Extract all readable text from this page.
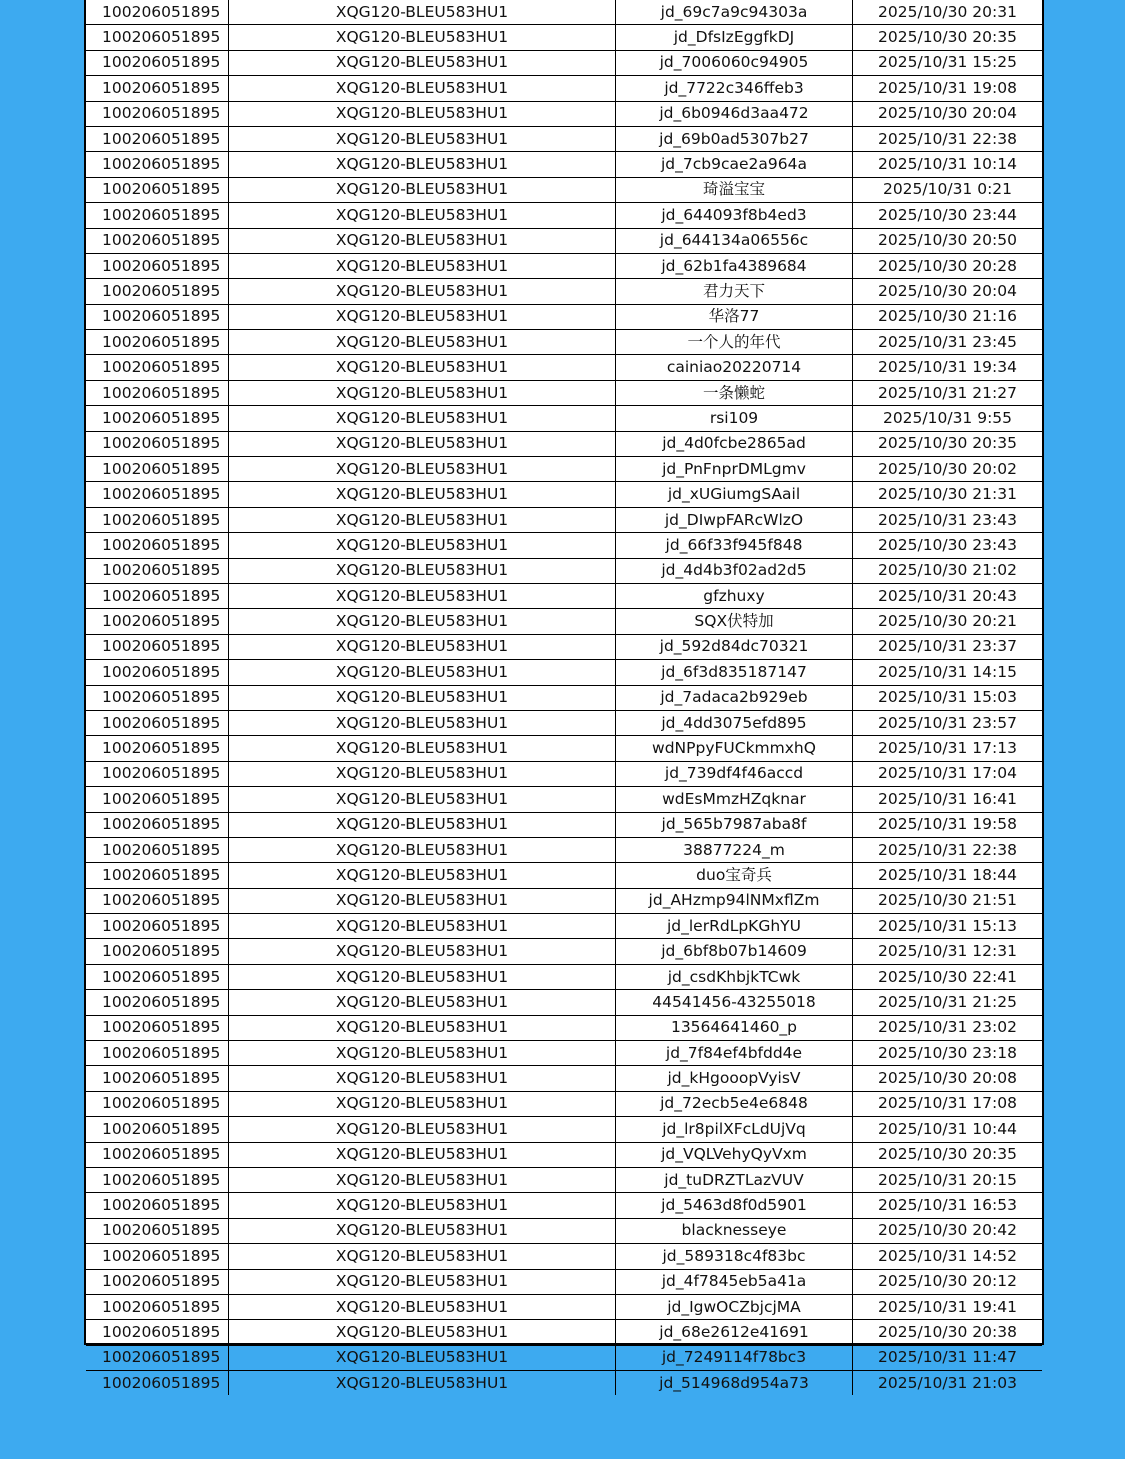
100206051895	XQG120-BLEU583HU1	jd_69c7a9c94303a	2025/10/30 20:31
100206051895	XQG120-BLEU583HU1	jd_DfsIzEggfkDJ	2025/10/30 20:35
100206051895	XQG120-BLEU583HU1	jd_7006060c94905	2025/10/31 15:25
100206051895	XQG120-BLEU583HU1	jd_7722c346ffeb3	2025/10/31 19:08
100206051895	XQG120-BLEU583HU1	jd_6b0946d3aa472	2025/10/30 20:04
100206051895	XQG120-BLEU583HU1	jd_69b0ad5307b27	2025/10/31 22:38
100206051895	XQG120-BLEU583HU1	jd_7cb9cae2a964a	2025/10/31 10:14
100206051895	XQG120-BLEU583HU1	琦溢宝宝	2025/10/31 0:21
100206051895	XQG120-BLEU583HU1	jd_644093f8b4ed3	2025/10/30 23:44
100206051895	XQG120-BLEU583HU1	jd_644134a06556c	2025/10/30 20:50
100206051895	XQG120-BLEU583HU1	jd_62b1fa4389684	2025/10/30 20:28
100206051895	XQG120-BLEU583HU1	君力天下	2025/10/30 20:04
100206051895	XQG120-BLEU583HU1	华洛77	2025/10/30 21:16
100206051895	XQG120-BLEU583HU1	一个人的年代	2025/10/31 23:45
100206051895	XQG120-BLEU583HU1	cainiao20220714	2025/10/31 19:34
100206051895	XQG120-BLEU583HU1	一条懒蛇	2025/10/31 21:27
100206051895	XQG120-BLEU583HU1	rsi109	2025/10/31 9:55
100206051895	XQG120-BLEU583HU1	jd_4d0fcbe2865ad	2025/10/30 20:35
100206051895	XQG120-BLEU583HU1	jd_PnFnprDMLgmv	2025/10/30 20:02
100206051895	XQG120-BLEU583HU1	jd_xUGiumgSAail	2025/10/30 21:31
100206051895	XQG120-BLEU583HU1	jd_DIwpFARcWlzO	2025/10/31 23:43
100206051895	XQG120-BLEU583HU1	jd_66f33f945f848	2025/10/30 23:43
100206051895	XQG120-BLEU583HU1	jd_4d4b3f02ad2d5	2025/10/30 21:02
100206051895	XQG120-BLEU583HU1	gfzhuxy	2025/10/31 20:43
100206051895	XQG120-BLEU583HU1	SQX伏特加	2025/10/30 20:21
100206051895	XQG120-BLEU583HU1	jd_592d84dc70321	2025/10/31 23:37
100206051895	XQG120-BLEU583HU1	jd_6f3d835187147	2025/10/31 14:15
100206051895	XQG120-BLEU583HU1	jd_7adaca2b929eb	2025/10/31 15:03
100206051895	XQG120-BLEU583HU1	jd_4dd3075efd895	2025/10/31 23:57
100206051895	XQG120-BLEU583HU1	wdNPpyFUCkmmxhQ	2025/10/31 17:13
100206051895	XQG120-BLEU583HU1	jd_739df4f46accd	2025/10/31 17:04
100206051895	XQG120-BLEU583HU1	wdEsMmzHZqknar	2025/10/31 16:41
100206051895	XQG120-BLEU583HU1	jd_565b7987aba8f	2025/10/31 19:58
100206051895	XQG120-BLEU583HU1	38877224_m	2025/10/31 22:38
100206051895	XQG120-BLEU583HU1	duo宝奇兵	2025/10/31 18:44
100206051895	XQG120-BLEU583HU1	jd_AHzmp94lNMxflZm	2025/10/30 21:51
100206051895	XQG120-BLEU583HU1	jd_lerRdLpKGhYU	2025/10/31 15:13
100206051895	XQG120-BLEU583HU1	jd_6bf8b07b14609	2025/10/31 12:31
100206051895	XQG120-BLEU583HU1	jd_csdKhbjkTCwk	2025/10/30 22:41
100206051895	XQG120-BLEU583HU1	44541456-43255018	2025/10/31 21:25
100206051895	XQG120-BLEU583HU1	13564641460_p	2025/10/31 23:02
100206051895	XQG120-BLEU583HU1	jd_7f84ef4bfdd4e	2025/10/30 23:18
100206051895	XQG120-BLEU583HU1	jd_kHgooopVyisV	2025/10/30 20:08
100206051895	XQG120-BLEU583HU1	jd_72ecb5e4e6848	2025/10/31 17:08
100206051895	XQG120-BLEU583HU1	jd_lr8pilXFcLdUjVq	2025/10/31 10:44
100206051895	XQG120-BLEU583HU1	jd_VQLVehyQyVxm	2025/10/30 20:35
100206051895	XQG120-BLEU583HU1	jd_tuDRZTLazVUV	2025/10/31 20:15
100206051895	XQG120-BLEU583HU1	jd_5463d8f0d5901	2025/10/31 16:53
100206051895	XQG120-BLEU583HU1	blacknesseye	2025/10/30 20:42
100206051895	XQG120-BLEU583HU1	jd_589318c4f83bc	2025/10/31 14:52
100206051895	XQG120-BLEU583HU1	jd_4f7845eb5a41a	2025/10/30 20:12
100206051895	XQG120-BLEU583HU1	jd_IgwOCZbjcjMA	2025/10/31 19:41
100206051895	XQG120-BLEU583HU1	jd_68e2612e41691	2025/10/30 20:38
100206051895	XQG120-BLEU583HU1	jd_7249114f78bc3	2025/10/31 11:47
100206051895	XQG120-BLEU583HU1	jd_514968d954a73	2025/10/31 21:03
